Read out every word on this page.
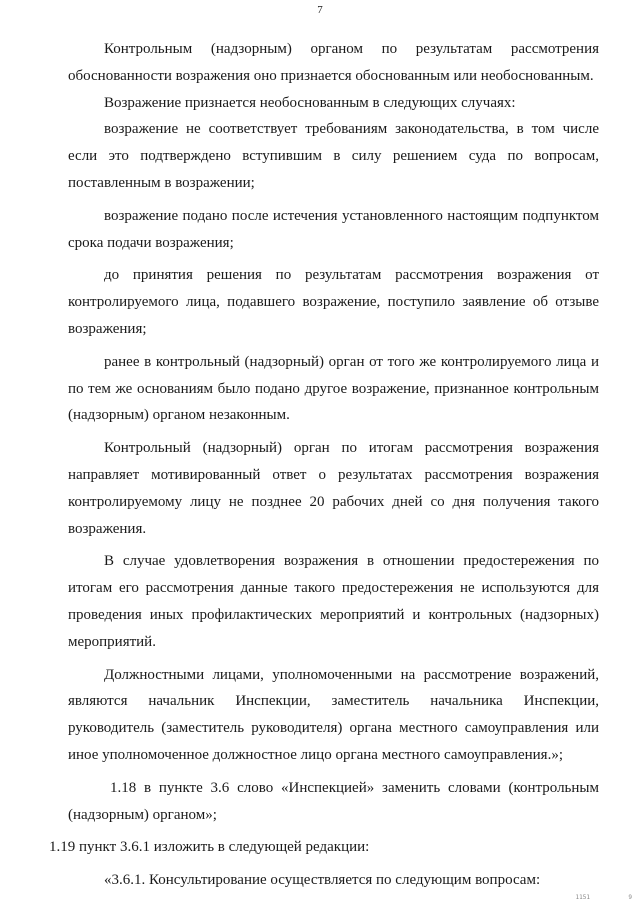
7

Контрольным (надзорным) органом по результатам рассмотрения обоснованности возражения оно признается обоснованным или необоснованным.

Возражение признается необоснованным в следующих случаях:

возражение не соответствует требованиям законодательства, в том числе если это подтверждено вступившим в силу решением суда по вопросам, поставленным в возражении;

возражение подано после истечения установленного настоящим подпунктом срока подачи возражения;

до принятия решения по результатам рассмотрения возражения от контролируемого лица, подавшего возражение, поступило заявление об отзыве возражения;

ранее в контрольный (надзорный) орган от того же контролируемого лица и по тем же основаниям было подано другое возражение, признанное контрольным (надзорным) органом незаконным.

Контрольный (надзорный) орган по итогам рассмотрения возражения направляет мотивированный ответ о результатах рассмотрения возражения контролируемому лицу не позднее 20 рабочих дней со дня получения такого возражения.

В случае удовлетворения возражения в отношении предостережения по итогам его рассмотрения данные такого предостережения не используются для проведения иных профилактических мероприятий и контрольных (надзорных) мероприятий.

Должностными лицами, уполномоченными на рассмотрение возражений, являются начальник Инспекции, заместитель начальника Инспекции, руководитель (заместитель руководителя) органа местного самоуправления или иное уполномоченное должностное лицо органа местного самоуправления.»;

1.18 в пункте 3.6 слово «Инспекцией» заменить словами (контрольным (надзорным) органом»;

1.19 пункт 3.6.1 изложить в следующей редакции:

«3.6.1. Консультирование осуществляется по следующим вопросам:

1151	9
